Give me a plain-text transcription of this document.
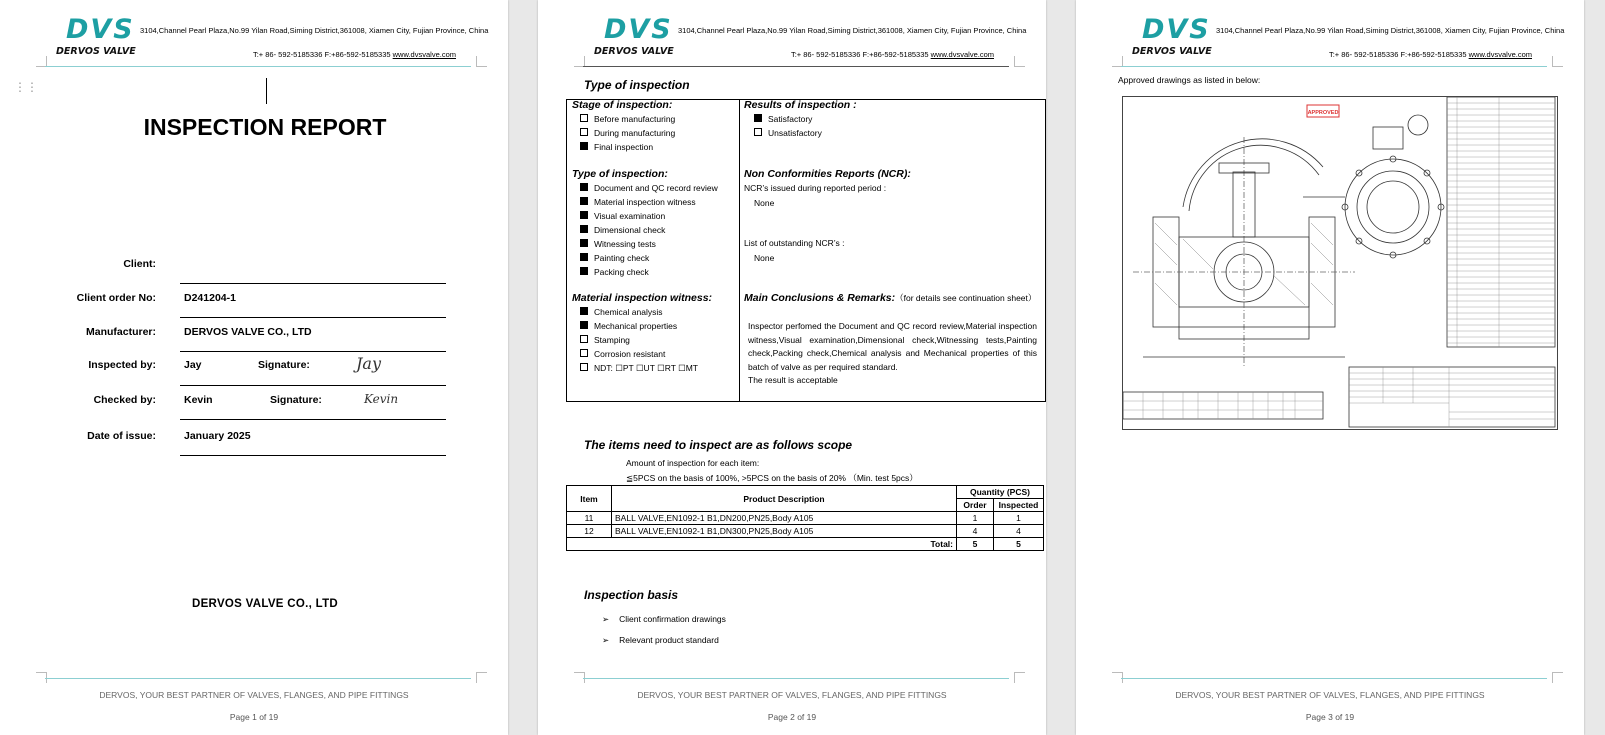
DVS
DERVOS VALVE
3104,Channel Pearl Plaza,No.99 Yilan Road,Siming District,361008, Xiamen City, Fujian Province, China
T:+ 86- 592-5185336 F:+86-592-5185335 www.dvsvalve.com
⋮⋮
INSPECTION REPORT
Client:
Client order No:	D241204-1
Manufacturer:	DERVOS VALVE CO., LTD
Inspected by:	Jay	Signature:	Jay
Checked by:	Kevin	Signature:	Kevin
Date of issue:	January 2025
DERVOS VALVE CO., LTD
DERVOS, YOUR BEST PARTNER OF VALVES, FLANGES, AND PIPE FITTINGS
Page 1 of 19
DVS
DERVOS VALVE
3104,Channel Pearl Plaza,No.99 Yilan Road,Siming District,361008, Xiamen City, Fujian Province, China
T:+ 86- 592-5185336 F:+86-592-5185335 www.dvsvalve.com
Type of inspection
Stage of inspection:
Before manufacturing
During manufacturing
Final inspection
Type of inspection:
Document and QC record review
Material inspection witness
Visual examination
Dimensional check
Witnessing tests
Painting check
Packing check
Material inspection witness:
Chemical analysis
Mechanical properties
Stamping
Corrosion resistant
NDT: ☐PT ☐UT ☐RT ☐MT
Results of inspection :
Satisfactory
Unsatisfactory
Non Conformities Reports (NCR):
NCR’s issued during reported period :
None
List of outstanding NCR’s :
None
Main Conclusions & Remarks:（for details see continuation sheet）
Inspector perfomed the Document and QC record review,Material inspection witness,Visual examination,Dimensional check,Witnessing tests,Painting check,Packing check,Chemical analysis and Mechanical properties of this batch of valve as per required standard.
The result is acceptable
The items need to inspect are as follows scope
Amount of inspection for each item:
≦5PCS on the basis of 100%, >5PCS on the basis of 20% （Min. test 5pcs）
Item	Product Description	Quantity (PCS)	
		Order	Inspected
11	BALL VALVE,EN1092-1 B1,DN200,PN25,Body A105	1	1
12	BALL VALVE,EN1092-1 B1,DN300,PN25,Body A105	4	4
Total:		5	5
Inspection basis
➢ Client confirmation drawings
➢ Relevant product standard
DERVOS, YOUR BEST PARTNER OF VALVES, FLANGES, AND PIPE FITTINGS
Page 2 of 19
DVS
DERVOS VALVE
3104,Channel Pearl Plaza,No.99 Yilan Road,Siming District,361008, Xiamen City, Fujian Province, China
T:+ 86- 592-5185336 F:+86-592-5185335 www.dvsvalve.com
Approved drawings as listed in below:
APPROVED
DERVOS, YOUR BEST PARTNER OF VALVES, FLANGES, AND PIPE FITTINGS
Page 3 of 19
